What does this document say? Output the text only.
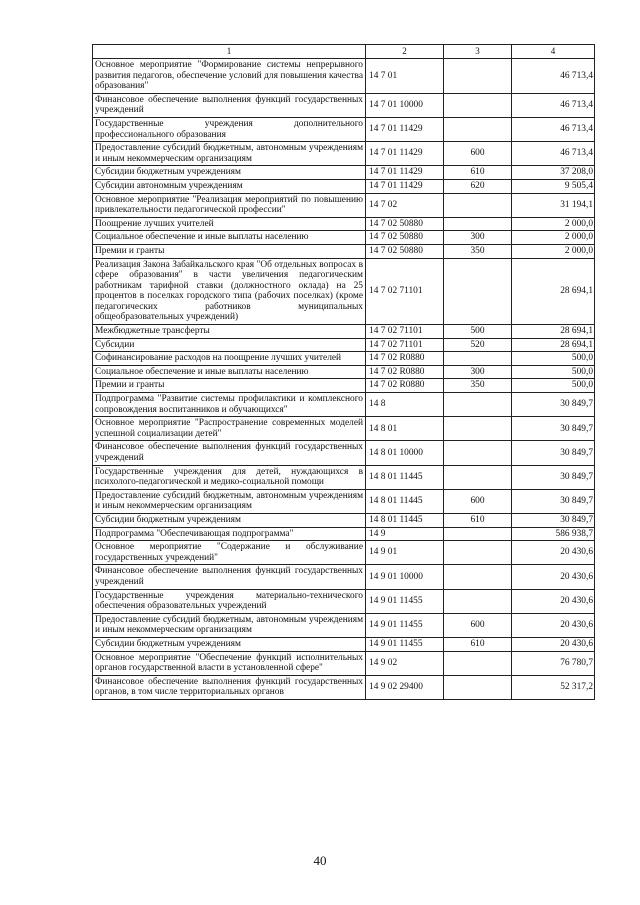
1	2	3	4
Основное мероприятие "Формирование системы непрерывного развития педагогов, обеспечение условий для повышения качества образования"	14 7 01		46 713,4
Финансовое обеспечение выполнения функций государственных учреждений	14 7 01 10000		46 713,4
Государственные учреждения дополнительного профессионального образования	14 7 01 11429		46 713,4
Предоставление субсидий бюджетным, автономным учреждениям и иным некоммерческим организациям	14 7 01 11429	600	46 713,4
Субсидии бюджетным учреждениям	14 7 01 11429	610	37 208,0
Субсидии автономным учреждениям	14 7 01 11429	620	9 505,4
Основное мероприятие "Реализация мероприятий по повышению привлекательности педагогической профессии"	14 7 02		31 194,1
Поощрение лучших учителей	14 7 02 50880		2 000,0
Социальное обеспечение и иные выплаты населению	14 7 02 50880	300	2 000,0
Премии и гранты	14 7 02 50880	350	2 000,0
Реализация Закона Забайкальского края "Об отдельных вопросах в сфере образования" в части увеличения педагогическим работникам тарифной ставки (должностного оклада) на 25 процентов в поселках городского типа (рабочих поселках) (кроме педагогических работников муниципальных общеобразовательных учреждений)	14 7 02 71101		28 694,1
Межбюджетные трансферты	14 7 02 71101	500	28 694,1
Субсидии	14 7 02 71101	520	28 694,1
Софинансирование расходов на поощрение лучших учителей	14 7 02 R0880		500,0
Социальное обеспечение и иные выплаты населению	14 7 02 R0880	300	500,0
Премии и гранты	14 7 02 R0880	350	500,0
Подпрограмма "Развитие системы профилактики и комплексного сопровождения воспитанников и обучающихся"	14 8		30 849,7
Основное мероприятие "Распространение современных моделей успешной социализации детей"	14 8 01		30 849,7
Финансовое обеспечение выполнения функций государственных учреждений	14 8 01 10000		30 849,7
Государственные учреждения для детей, нуждающихся в психолого-педагогической и медико-социальной помощи	14 8 01 11445		30 849,7
Предоставление субсидий бюджетным, автономным учреждениям и иным некоммерческим организациям	14 8 01 11445	600	30 849,7
Субсидии бюджетным учреждениям	14 8 01 11445	610	30 849,7
Подпрограмма "Обеспечивающая подпрограмма"	14 9		586 938,7
Основное мероприятие "Содержание и обслуживание государственных учреждений"	14 9 01		20 430,6
Финансовое обеспечение выполнения функций государственных учреждений	14 9 01 10000		20 430,6
Государственные учреждения материально-технического обеспечения образовательных учреждений	14 9 01 11455		20 430,6
Предоставление субсидий бюджетным, автономным учреждениям и иным некоммерческим организациям	14 9 01 11455	600	20 430,6
Субсидии бюджетным учреждениям	14 9 01 11455	610	20 430,6
Основное мероприятие "Обеспечение функций исполнительных органов государственной власти в установленной сфере"	14 9 02		76 780,7
Финансовое обеспечение выполнения функций государственных органов, в том числе территориальных органов	14 9 02 29400		52 317,2
40
